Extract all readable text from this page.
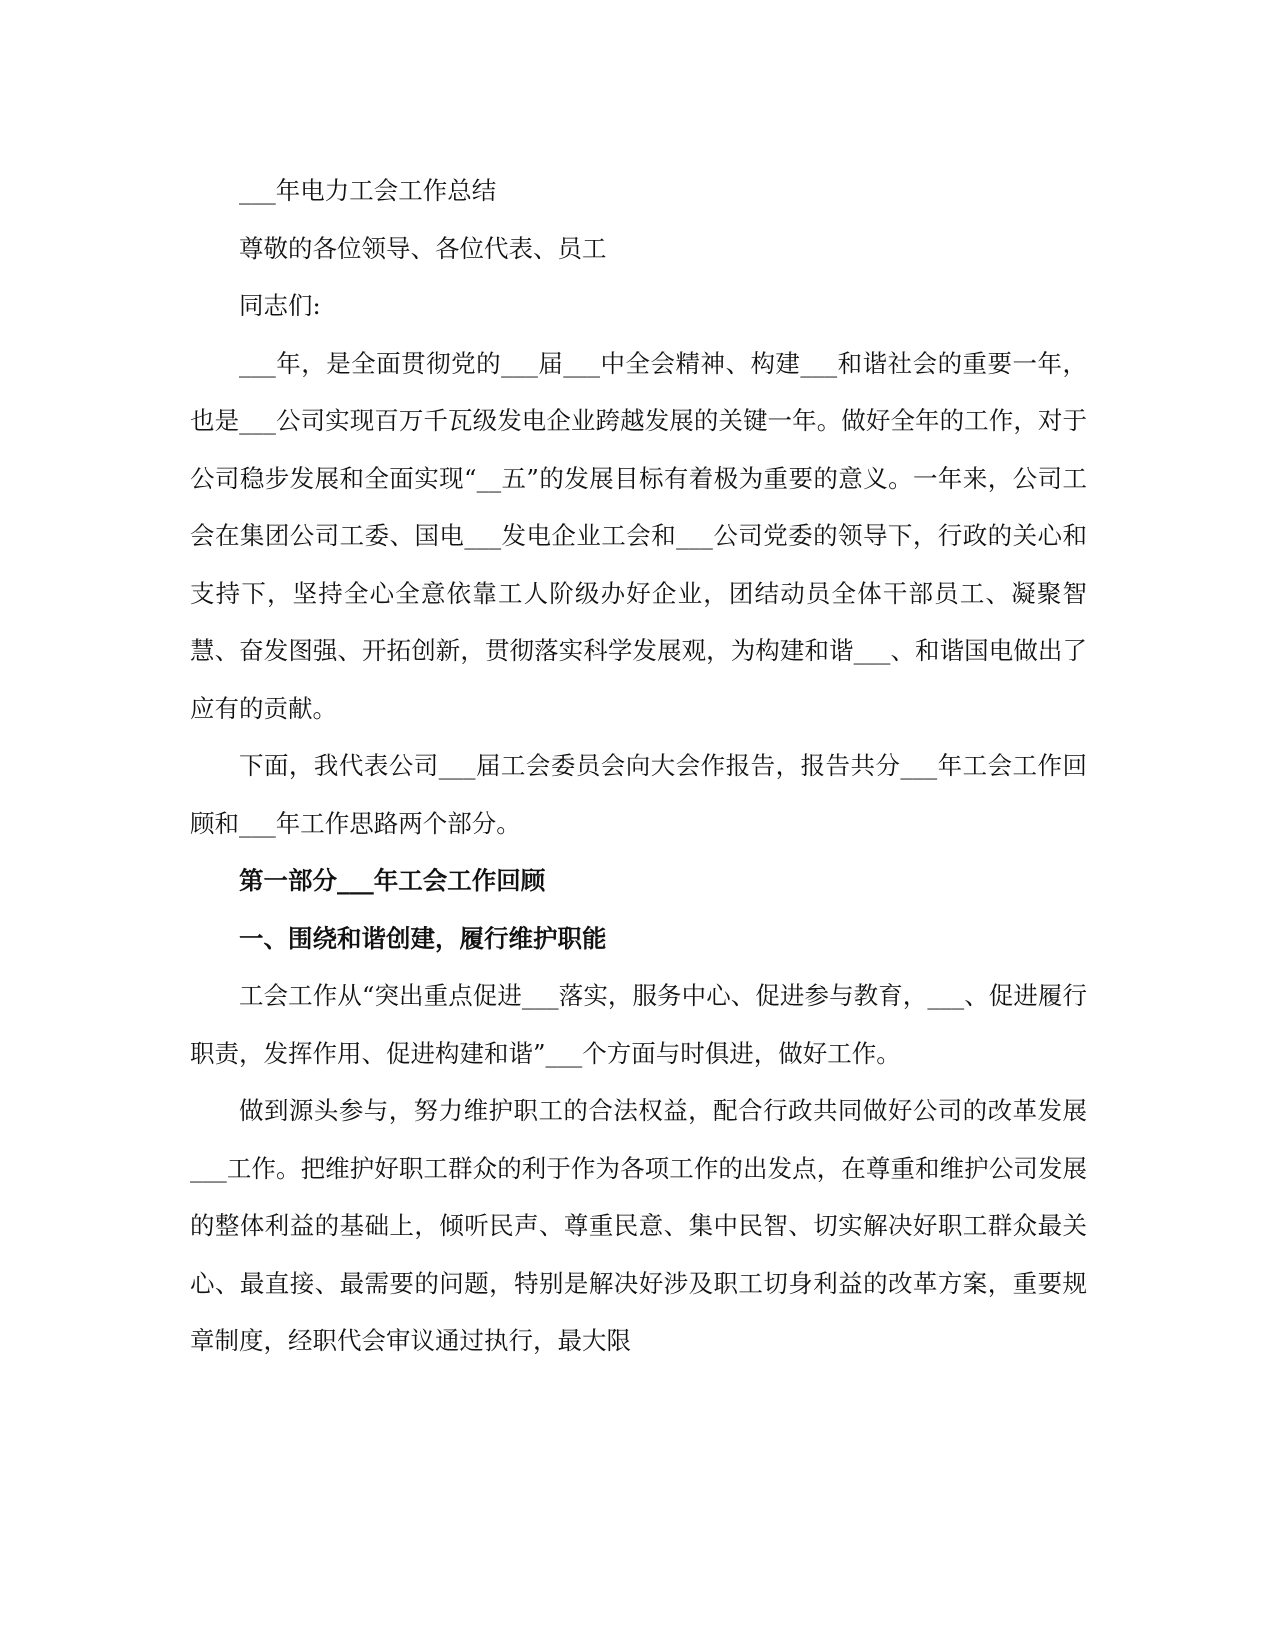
___年电力工会工作总结

尊敬的各位领导、各位代表、员工

同志们:

___年，是全面贯彻党的___届___中全会精神、构建___和谐社会的重要一年，也是___公司实现百万千瓦级发电企业跨越发展的关键一年。做好全年的工作，对于公司稳步发展和全面实现“__五”的发展目标有着极为重要的意义。一年来，公司工会在集团公司工委、国电___发电企业工会和___公司党委的领导下，行政的关心和支持下，坚持全心全意依靠工人阶级办好企业，团结动员全体干部员工、凝聚智慧、奋发图强、开拓创新，贯彻落实科学发展观，为构建和谐___、和谐国电做出了应有的贡献。

下面，我代表公司___届工会委员会向大会作报告，报告共分___年工会工作回顾和___年工作思路两个部分。

第一部分___年工会工作回顾

一、围绕和谐创建，履行维护职能

工会工作从“突出重点促进___落实，服务中心、促进参与教育，___、促进履行职责，发挥作用、促进构建和谐”___个方面与时俱进，做好工作。

做到源头参与，努力维护职工的合法权益，配合行政共同做好公司的改革发展___工作。把维护好职工群众的利于作为各项工作的出发点，在尊重和维护公司发展的整体利益的基础上，倾听民声、尊重民意、集中民智、切实解决好职工群众最关心、最直接、最需要的问题，特别是解决好涉及职工切身利益的改革方案，重要规章制度，经职代会审议通过执行，最大限
